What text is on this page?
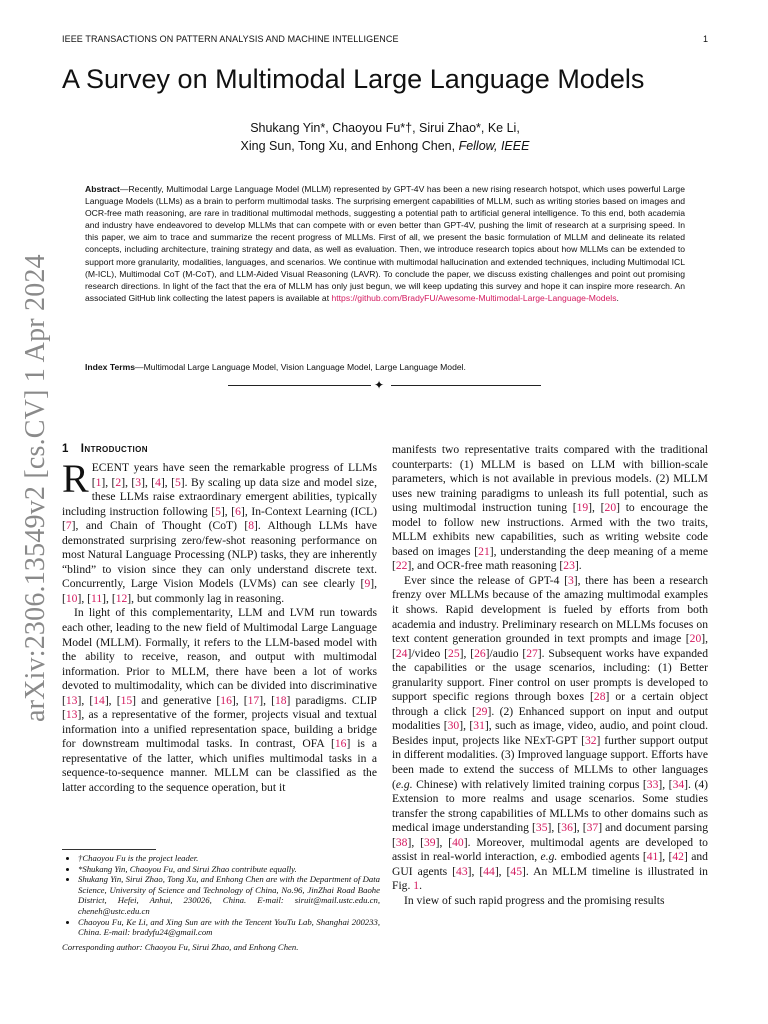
IEEE TRANSACTIONS ON PATTERN ANALYSIS AND MACHINE INTELLIGENCE	1
A Survey on Multimodal Large Language Models
Shukang Yin*, Chaoyou Fu*†, Sirui Zhao*, Ke Li,
Xing Sun, Tong Xu, and Enhong Chen, Fellow, IEEE

Abstract—Recently, Multimodal Large Language Model (MLLM) represented by GPT-4V has been a new rising research hotspot, which uses powerful Large Language Models (LLMs) as a brain to perform multimodal tasks. The surprising emergent capabilities of MLLM, such as writing stories based on images and OCR-free math reasoning, are rare in traditional multimodal methods, suggesting a potential path to artificial general intelligence. To this end, both academia and industry have endeavored to develop MLLMs that can compete with or even better than GPT-4V, pushing the limit of research at a surprising speed. In this paper, we aim to trace and summarize the recent progress of MLLMs. First of all, we present the basic formulation of MLLM and delineate its related concepts, including architecture, training strategy and data, as well as evaluation. Then, we introduce research topics about how MLLMs can be extended to support more granularity, modalities, languages, and scenarios. We continue with multimodal hallucination and extended techniques, including Multimodal ICL (M-ICL), Multimodal CoT (M-CoT), and LLM-Aided Visual Reasoning (LAVR). To conclude the paper, we discuss existing challenges and point out promising research directions. In light of the fact that the era of MLLM has only just begun, we will keep updating this survey and hope it can inspire more research. An associated GitHub link collecting the latest papers is available at https://github.com/BradyFU/Awesome-Multimodal-Large-Language-Models.

Index Terms—Multimodal Large Language Model, Vision Language Model, Large Language Model.

✦
arXiv:2306.13549v2 [cs.CV] 1 Apr 2024 1 Introduction

RECENT years have seen the remarkable progress of LLMs [1], [2], [3], [4], [5]. By scaling up data size and model size, these LLMs raise extraordinary emergent abilities, typically including instruction following [5], [6], In-Context Learning (ICL) [7], and Chain of Thought (CoT) [8]. Although LLMs have demonstrated surprising zero/few-shot reasoning performance on most Natural Language Processing (NLP) tasks, they are inherently “blind” to vision since they can only understand discrete text. Concurrently, Large Vision Models (LVMs) can see clearly [9], [10], [11], [12], but commonly lag in reasoning.

In light of this complementarity, LLM and LVM run towards each other, leading to the new field of Multimodal Large Language Model (MLLM). Formally, it refers to the LLM-based model with the ability to receive, reason, and output with multimodal information. Prior to MLLM, there have been a lot of works devoted to multimodality, which can be divided into discriminative [13], [14], [15] and generative [16], [17], [18] paradigms. CLIP [13], as a representative of the former, projects visual and textual information into a unified representation space, building a bridge for downstream multimodal tasks. In contrast, OFA [16] is a representative of the latter, which unifies multimodal tasks in a sequence-to-sequence manner. MLLM can be classified as the latter according to the sequence operation, but it

manifests two representative traits compared with the traditional counterparts: (1) MLLM is based on LLM with billion-scale parameters, which is not available in previous models. (2) MLLM uses new training paradigms to unleash its full potential, such as using multimodal instruction tuning [19], [20] to encourage the model to follow new instructions. Armed with the two traits, MLLM exhibits new capabilities, such as writing website code based on images [21], understanding the deep meaning of a meme [22], and OCR-free math reasoning [23].

Ever since the release of GPT-4 [3], there has been a research frenzy over MLLMs because of the amazing multimodal examples it shows. Rapid development is fueled by efforts from both academia and industry. Preliminary research on MLLMs focuses on text content generation grounded in text prompts and image [20], [24]/video [25], [26]/audio [27]. Subsequent works have expanded the capabilities or the usage scenarios, including: (1) Better granularity support. Finer control on user prompts is developed to support specific regions through boxes [28] or a certain object through a click [29]. (2) Enhanced support on input and output modalities [30], [31], such as image, video, audio, and point cloud. Besides input, projects like NExT-GPT [32] further support output in different modalities. (3) Improved language support. Efforts have been made to extend the success of MLLMs to other languages (e.g. Chinese) with relatively limited training corpus [33], [34]. (4) Extension to more realms and usage scenarios. Some studies transfer the strong capabilities of MLLMs to other domains such as medical image understanding [35], [36], [37] and document parsing [38], [39], [40]. Moreover, multimodal agents are developed to assist in real-world interaction, e.g. embodied agents [41], [42] and GUI agents [43], [44], [45]. An MLLM timeline is illustrated in Fig. 1.

In view of such rapid progress and the promising results

• †Chaoyou Fu is the project leader.
• *Shukang Yin, Chaoyou Fu, and Sirui Zhao contribute equally.
• Shukang Yin, Sirui Zhao, Tong Xu, and Enhong Chen are with the Department of Data Science, University of Science and Technology of China, No.96, JinZhai Road Baohe District, Hefei, Anhui, 230026, China. E-mail: siruit@mail.ustc.edu.cn, cheneh@ustc.edu.cn
• Chaoyou Fu, Ke Li, and Xing Sun are with the Tencent YouTu Lab, Shanghai 200233, China. E-mail: bradyfu24@gmail.com
Corresponding author: Chaoyou Fu, Sirui Zhao, and Enhong Chen.
